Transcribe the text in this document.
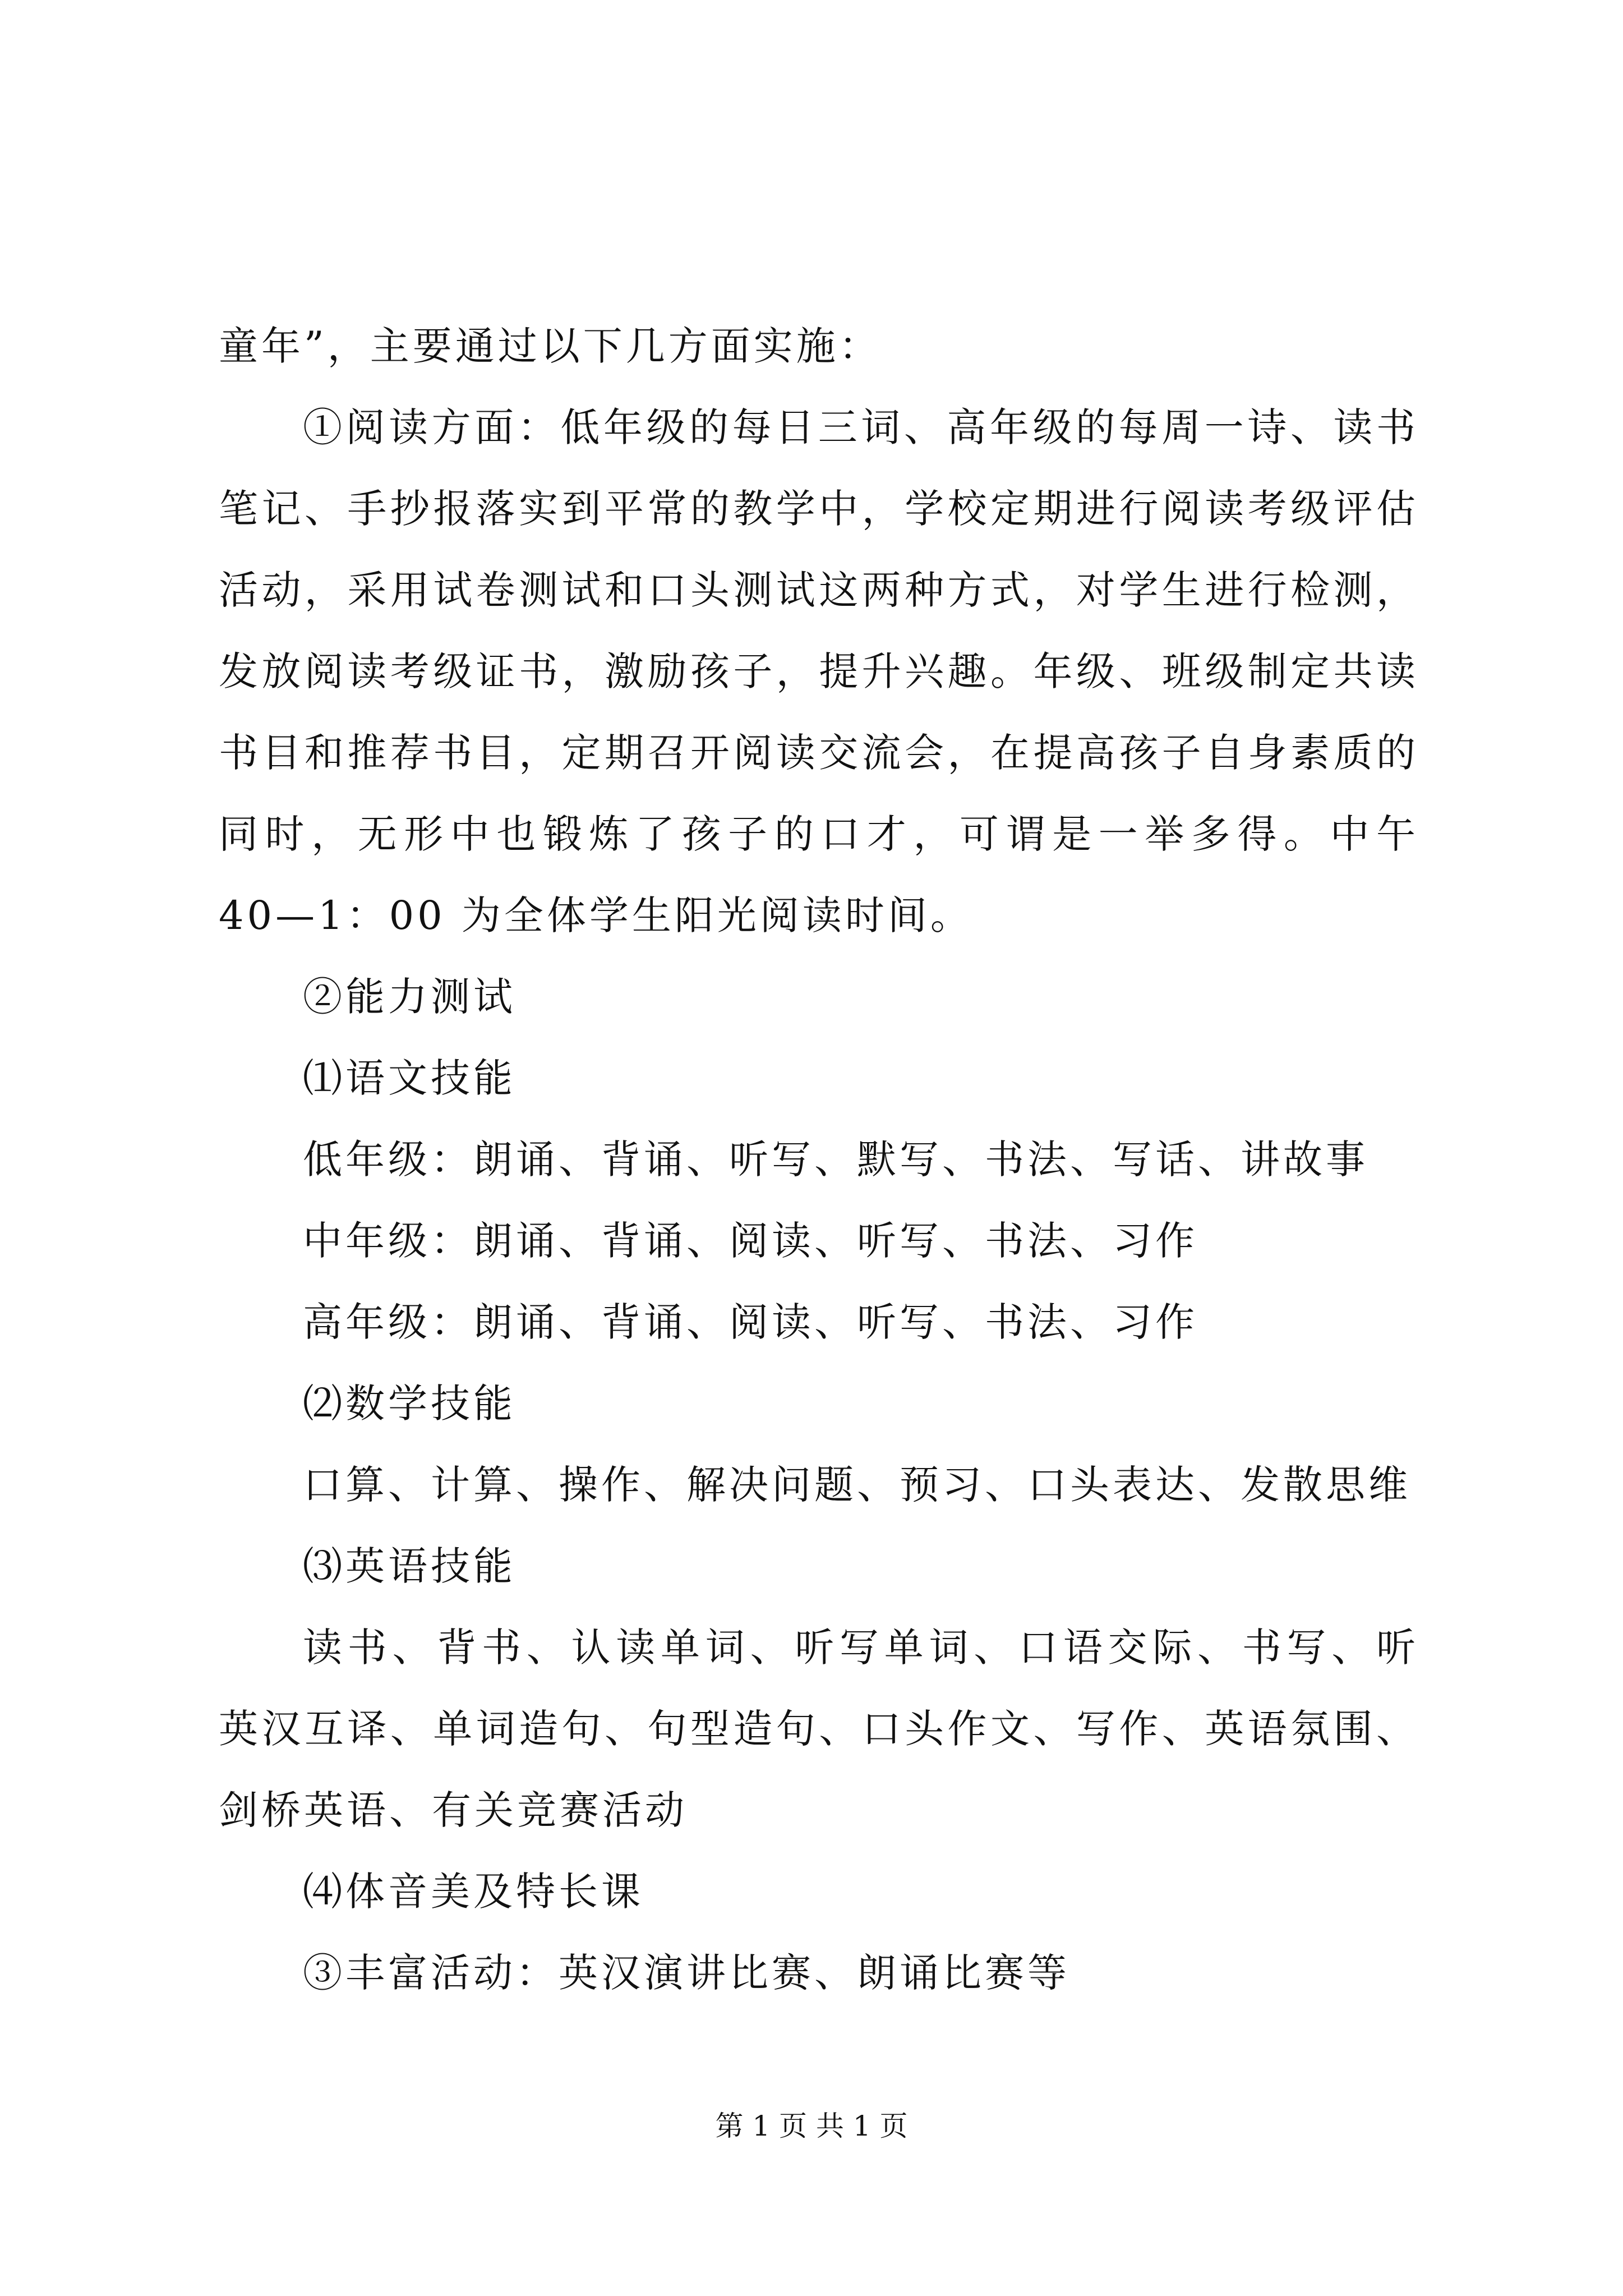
童年”，主要通过以下几方面实施：
①阅读方面：低年级的每日三词、高年级的每周一诗、读书
笔记、手抄报落实到平常的教学中，学校定期进行阅读考级评估
活动，采用试卷测试和口头测试这两种方式，对学生进行检测，
发放阅读考级证书，激励孩子，提升兴趣。年级、班级制定共读
书目和推荐书目，定期召开阅读交流会，在提高孩子自身素质的
同时，无形中也锻炼了孩子的口才，可谓是一举多得。中午
40—1：00 为全体学生阳光阅读时间。
②能力测试
⑴语文技能
低年级：朗诵、背诵、听写、默写、书法、写话、讲故事
中年级：朗诵、背诵、阅读、听写、书法、习作
高年级：朗诵、背诵、阅读、听写、书法、习作
⑵数学技能
口算、计算、操作、解决问题、预习、口头表达、发散思维
⑶英语技能
读书、背书、认读单词、听写单词、口语交际、书写、听
英汉互译、单词造句、句型造句、口头作文、写作、英语氛围、
剑桥英语、有关竞赛活动
⑷体音美及特长课
③丰富活动：英汉演讲比赛、朗诵比赛等
第 1 页 共 1 页
